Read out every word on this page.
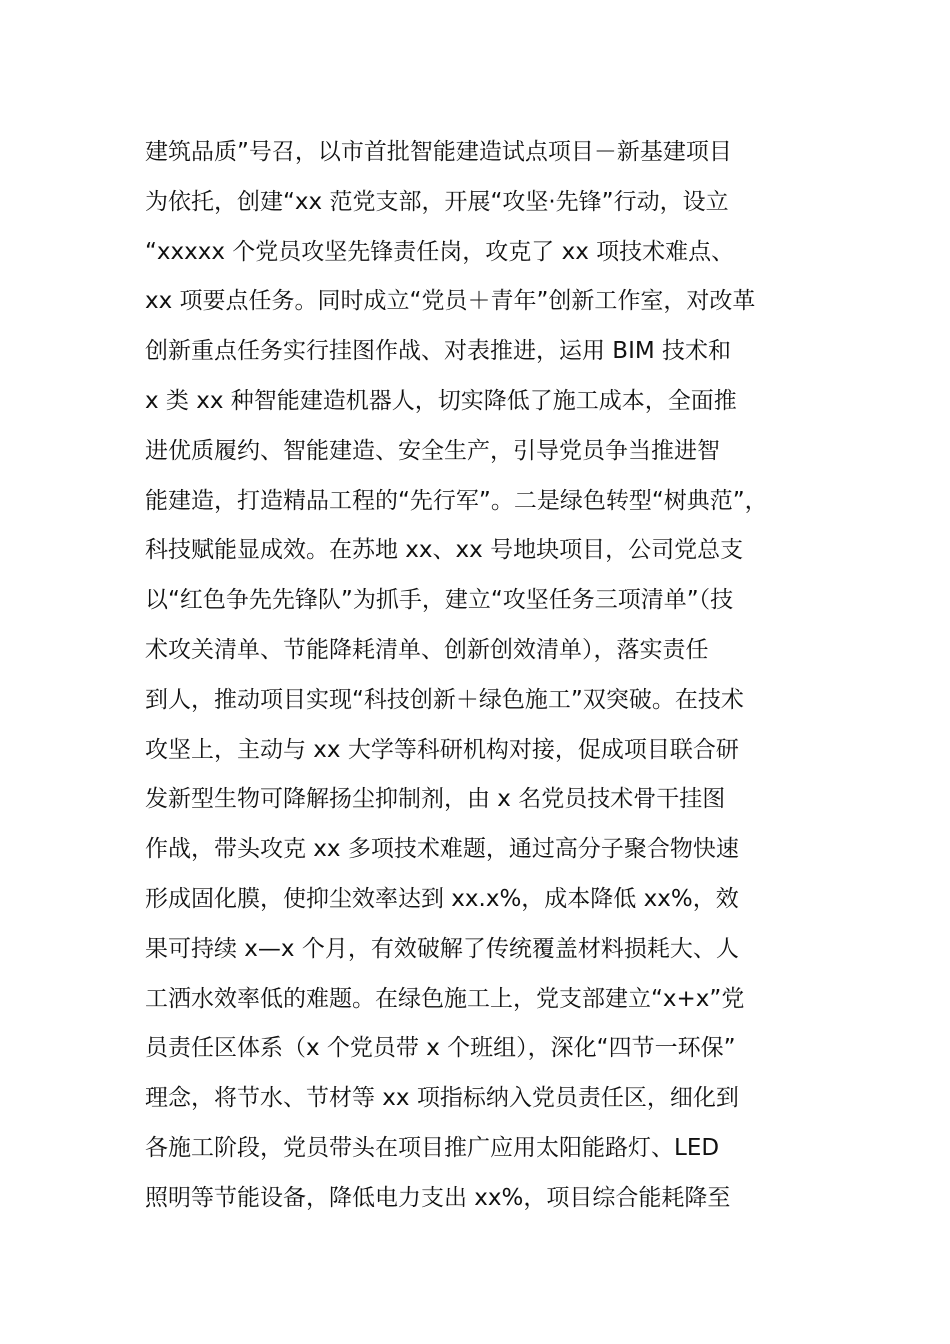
建筑品质”号召，以市首批智能建造试点项目－新基建项目
为依托，创建“xx 范党支部，开展“攻坚·先锋”行动，设立
“xxxxx 个党员攻坚先锋责任岗，攻克了 xx 项技术难点、
xx 项要点任务。同时成立“党员＋青年”创新工作室，对改革
创新重点任务实行挂图作战、对表推进，运用 BIM 技术和
x 类 xx 种智能建造机器人，切实降低了施工成本，全面推
进优质履约、智能建造、安全生产，引导党员争当推进智
能建造，打造精品工程的“先行军”。二是绿色转型“树典范”，
科技赋能显成效。在苏地 xx、xx 号地块项目，公司党总支
以“红色争先先锋队”为抓手，建立“攻坚任务三项清单”（技
术攻关清单、节能降耗清单、创新创效清单），落实责任
到人，推动项目实现“科技创新＋绿色施工”双突破。在技术
攻坚上，主动与 xx 大学等科研机构对接，促成项目联合研
发新型生物可降解扬尘抑制剂，由 x 名党员技术骨干挂图
作战，带头攻克 xx 多项技术难题，通过高分子聚合物快速
形成固化膜，使抑尘效率达到 xx.x%，成本降低 xx%，效
果可持续 x—x 个月，有效破解了传统覆盖材料损耗大、人
工洒水效率低的难题。在绿色施工上，党支部建立“x+x”党
员责任区体系（x 个党员带 x 个班组），深化“四节一环保”
理念，将节水、节材等 xx 项指标纳入党员责任区，细化到
各施工阶段，党员带头在项目推广应用太阳能路灯、LED
照明等节能设备，降低电力支出 xx%，项目综合能耗降至
